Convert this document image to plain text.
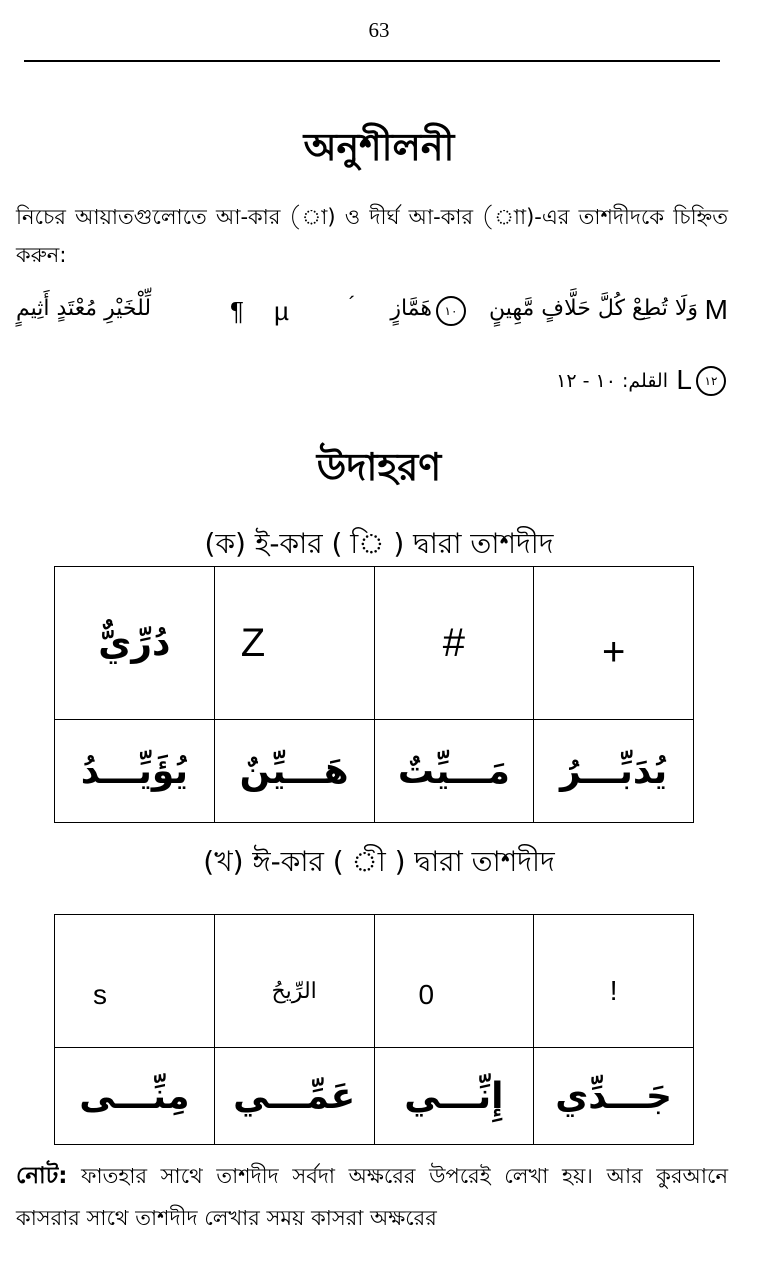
63
অনুশীলনী
নিচের আয়াতগুলোতে আ-কার (া) ও দীর্ঘ আ-কার (াা)-এর তাশদীদকে চিহ্নিত করুন:
M
وَلَا تُطِعْ كُلَّ حَلَّافٍ مَّهِينٍ
١٠
هَمَّازٍ
´
µ
¶
لِّلْخَيْرِ مُعْتَدٍ أَثِيمٍ
١٢
L
القلم: ١٠ - ١٢
উদাহরণ
(ক) ই-কার ( ি ) দ্বারা তাশদীদ
دُرِّيٌّ	Z	#	+
يُؤَيِّـــدُ	هَـــيِّنٌ	مَـــيِّتٌ	يُدَبِّـــرُ
(খ) ঈ-কার ( ী ) দ্বারা তাশদীদ
s	الرِّيحُ	0	!
مِنِّـــى	عَمِّـــي	إِنِّـــي	جَـــدِّي
নোট: ফাতহার সাথে তাশদীদ সর্বদা অক্ষরের উপরেই লেখা হয়। আর কুরআনে কাসরার সাথে তাশদীদ লেখার সময় কাসরা অক্ষরের
